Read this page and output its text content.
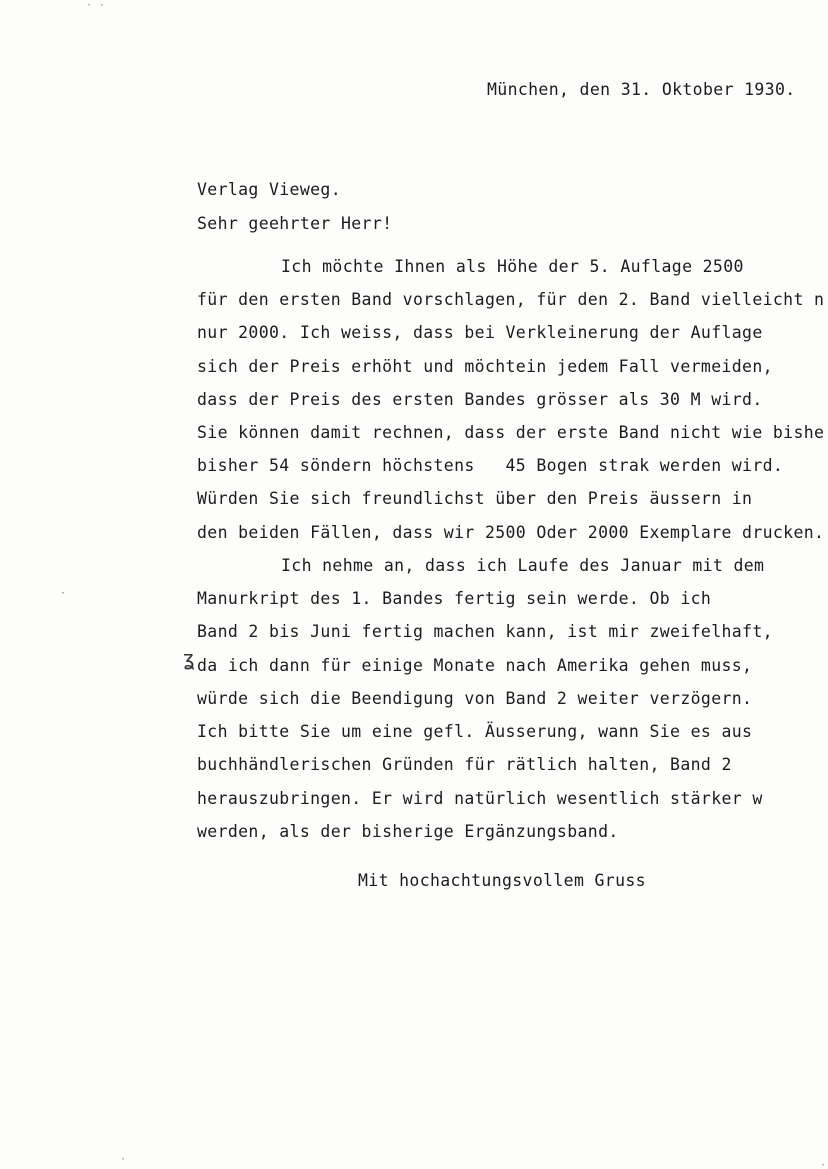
· ·
·
·
·
ʓ
München, den 31. Oktober 1930.
Verlag Vieweg.
Sehr geehrter Herr!
Ich möchte Ihnen als Höhe der 5. Auflage 2500
für den ersten Band vorschlagen, für den 2. Band vielleicht n
nur 2000. Ich weiss, dass bei Verkleinerung der Auflage
sich der Preis erhöht und möchtein jedem Fall vermeiden,
dass der Preis des ersten Bandes grösser als 30 M wird.
Sie können damit rechnen, dass der erste Band nicht wie bishe
bisher 54 söndern höchstens   45 Bogen strak werden wird.
Würden Sie sich freundlichst über den Preis äussern in
den beiden Fällen, dass wir 2500 Oder 2000 Exemplare drucken.
Ich nehme an, dass ich Laufe des Januar mit dem
Manurkript des 1. Bandes fertig sein werde. Ob ich
Band 2 bis Juni fertig machen kann, ist mir zweifelhaft,
da ich dann für einige Monate nach Amerika gehen muss,
würde sich die Beendigung von Band 2 weiter verzögern.
Ich bitte Sie um eine gefl. Äusserung, wann Sie es aus
buchhändlerischen Gründen für rätlich halten, Band 2
herauszubringen. Er wird natürlich wesentlich stärker w
werden, als der bisherige Ergänzungsband.
Mit hochachtungsvollem Gruss
